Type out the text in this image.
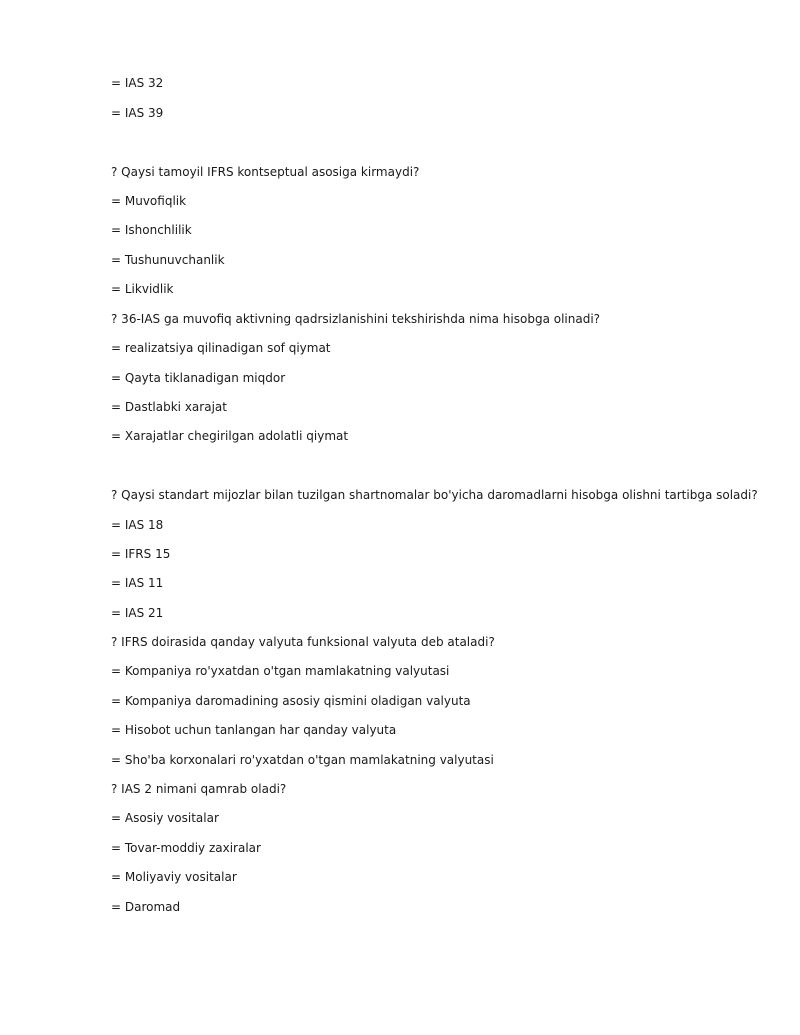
= IAS 32
= IAS 39
? Qaysi tamoyil IFRS kontseptual asosiga kirmaydi?
= Muvofiqlik
= Ishonchlilik
= Tushunuvchanlik
= Likvidlik
? 36-IAS ga muvofiq aktivning qadrsizlanishini tekshirishda nima hisobga olinadi?
= realizatsiya qilinadigan sof qiymat
= Qayta tiklanadigan miqdor
= Dastlabki xarajat
= Xarajatlar chegirilgan adolatli qiymat
? Qaysi standart mijozlar bilan tuzilgan shartnomalar bo'yicha daromadlarni hisobga olishni tartibga soladi?
= IAS 18
= IFRS 15
= IAS 11
= IAS 21
? IFRS doirasida qanday valyuta funksional valyuta deb ataladi?
= Kompaniya ro'yxatdan o'tgan mamlakatning valyutasi
= Kompaniya daromadining asosiy qismini oladigan valyuta
= Hisobot uchun tanlangan har qanday valyuta
= Sho'ba korxonalari ro'yxatdan o'tgan mamlakatning valyutasi
? IAS 2 nimani qamrab oladi?
= Asosiy vositalar
= Tovar-moddiy zaxiralar
= Moliyaviy vositalar
= Daromad
